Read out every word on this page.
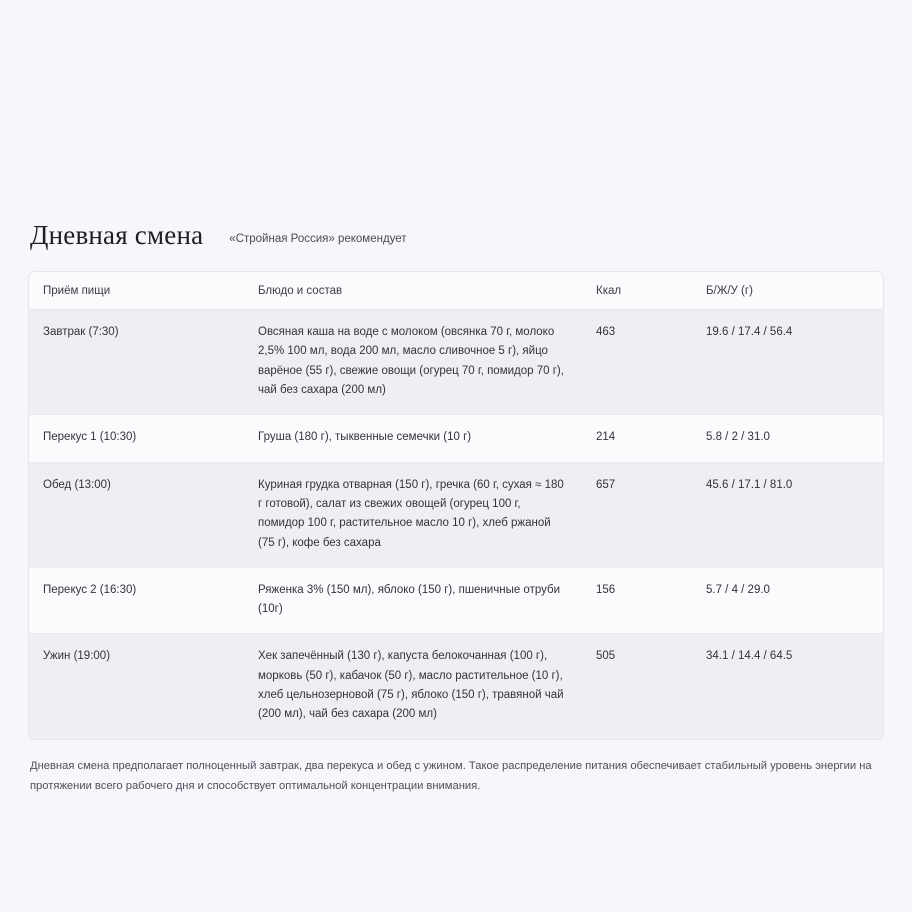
Дневная смена «Стройная Россия» рекомендует
Приём пищи	Блюдо и состав	Ккал	Б/Ж/У (г)
Завтрак (7:30)	Овсяная каша на воде с молоком (овсянка 70 г, молоко 2,5% 100 мл, вода 200 мл, масло сливочное 5 г), яйцо варёное (55 г), свежие овощи (огурец 70 г, помидор 70 г), чай без сахара (200 мл)	463	19.6 / 17.4 / 56.4
Перекус 1 (10:30)	Груша (180 г), тыквенные семечки (10 г)	214	5.8 / 2 / 31.0
Обед (13:00)	Куриная грудка отварная (150 г), гречка (60 г, сухая ≈ 180 г готовой), салат из свежих овощей (огурец 100 г, помидор 100 г, растительное масло 10 г), хлеб ржаной (75 г), кофе без сахара	657	45.6 / 17.1 / 81.0
Перекус 2 (16:30)	Ряженка 3% (150 мл), яблоко (150 г), пшеничные отруби (10г)	156	5.7 / 4 / 29.0
Ужин (19:00)	Хек запечённый (130 г), капуста белокочанная (100 г), морковь (50 г), кабачок (50 г), масло растительное (10 г), хлеб цельнозерновой (75 г), яблоко (150 г), травяной чай (200 мл), чай без сахара (200 мл)	505	34.1 / 14.4 / 64.5

Дневная смена предполагает полноценный завтрак, два перекуса и обед с ужином. Такое распределение питания обеспечивает стабильный уровень энергии на протяжении всего рабочего дня и способствует оптимальной концентрации внимания.
